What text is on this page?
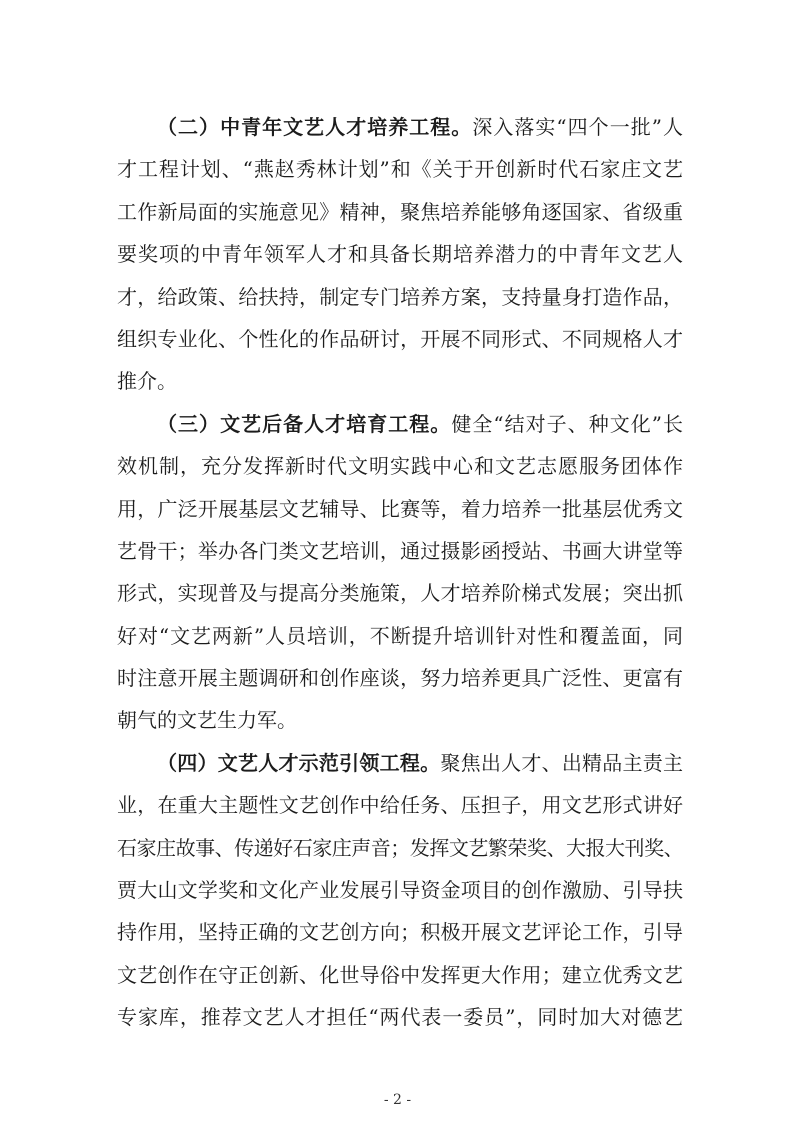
（二）中青年文艺人才培养工程。深入落实“四个一批”人
才工程计划、“燕赵秀林计划”和《关于开创新时代石家庄文艺
工作新局面的实施意见》精神，聚焦培养能够角逐国家、省级重
要奖项的中青年领军人才和具备长期培养潜力的中青年文艺人
才，给政策、给扶持，制定专门培养方案，支持量身打造作品，
组织专业化、个性化的作品研讨，开展不同形式、不同规格人才
推介。
（三）文艺后备人才培育工程。健全“结对子、种文化”长
效机制，充分发挥新时代文明实践中心和文艺志愿服务团体作
用，广泛开展基层文艺辅导、比赛等，着力培养一批基层优秀文
艺骨干；举办各门类文艺培训，通过摄影函授站、书画大讲堂等
形式，实现普及与提高分类施策，人才培养阶梯式发展；突出抓
好对“文艺两新”人员培训，不断提升培训针对性和覆盖面，同
时注意开展主题调研和创作座谈，努力培养更具广泛性、更富有
朝气的文艺生力军。
（四）文艺人才示范引领工程。聚焦出人才、出精品主责主
业，在重大主题性文艺创作中给任务、压担子，用文艺形式讲好
石家庄故事、传递好石家庄声音；发挥文艺繁荣奖、大报大刊奖、
贾大山文学奖和文化产业发展引导资金项目的创作激励、引导扶
持作用，坚持正确的文艺创方向；积极开展文艺评论工作，引导
文艺创作在守正创新、化世导俗中发挥更大作用；建立优秀文艺
专家库，推荐文艺人才担任“两代表一委员”，同时加大对德艺
- 2 -
